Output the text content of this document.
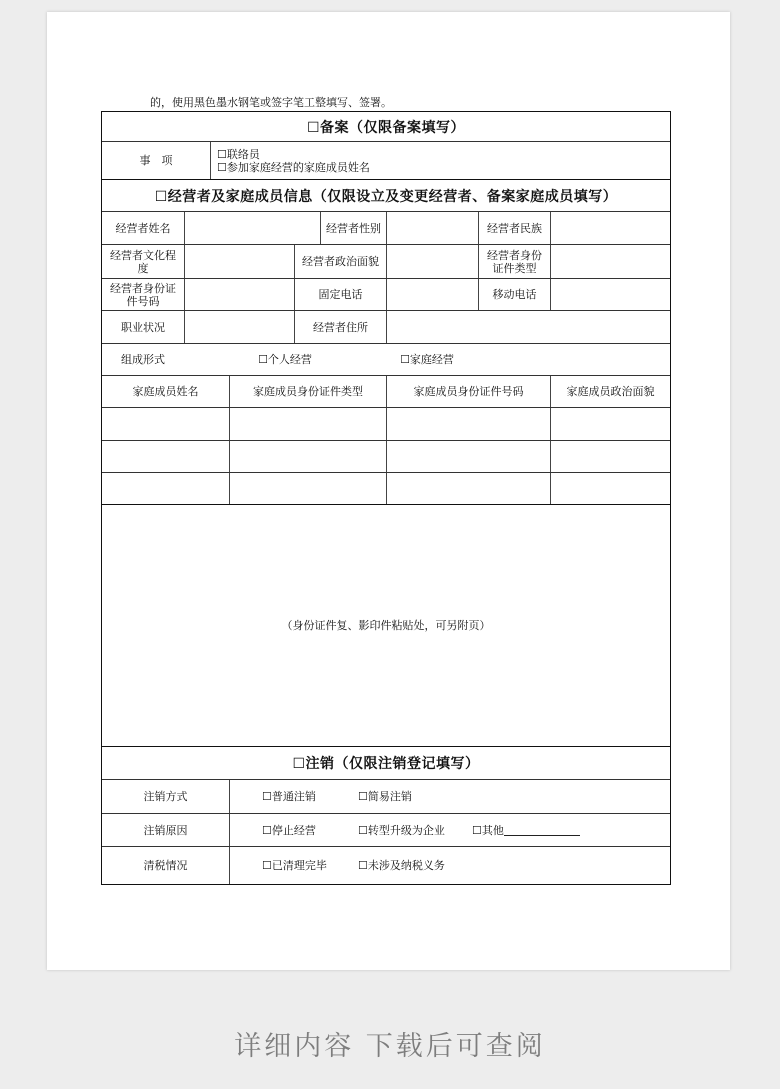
的，使用黑色墨水钢笔或签字笔工整填写、签署。
☐备案（仅限备案填写）
事　项	☐联络员
☐参加家庭经营的家庭成员姓名
☐经营者及家庭成员信息（仅限设立及变更经营者、备案家庭成员填写）
经营者姓名	经营者性别	经营者民族
经营者文化程度	经营者政治面貌	经营者身份证件类型
经营者身份证件号码	固定电话	移动电话
职业状况	经营者住所
组成形式	☐个人经营	☐家庭经营
家庭成员姓名	家庭成员身份证件类型	家庭成员身份证件号码	家庭成员政治面貌
（身份证件复、影印件粘贴处，可另附页）
☐注销（仅限注销登记填写）
注销方式	☐普通注销	☐简易注销
注销原因	☐停止经营	☐转型升级为企业	☐其他
清税情况	☐已清理完毕	☐未涉及纳税义务
详细内容 下载后可查阅
